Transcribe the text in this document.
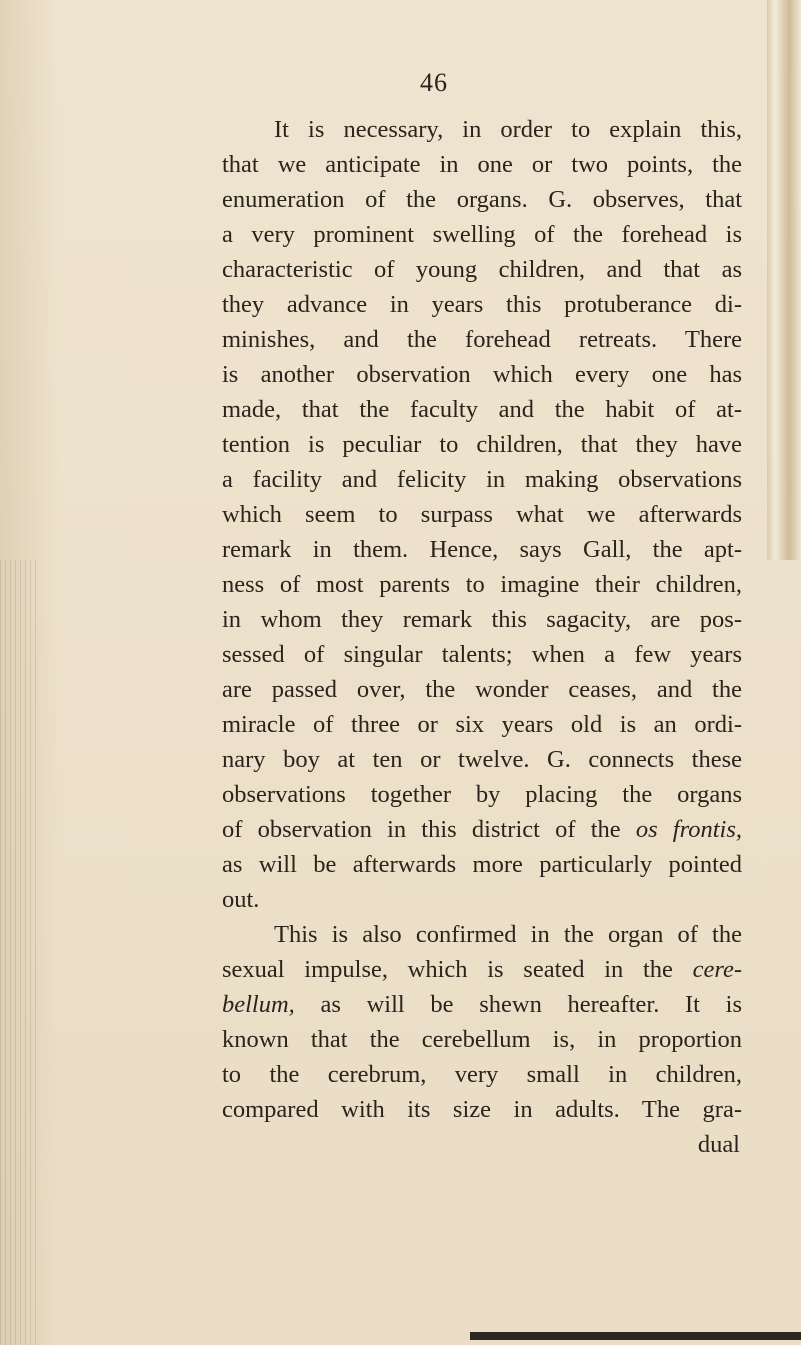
46
It is necessary, in order to explain this,
that we anticipate in one or two points, the
enumeration of the organs. G. observes, that
a very prominent swelling of the forehead is
characteristic of young children, and that as
they advance in years this protuberance di-
minishes, and the forehead retreats. There
is another observation which every one has
made, that the faculty and the habit of at-
tention is peculiar to children, that they have
a facility and felicity in making observations
which seem to surpass what we afterwards
remark in them. Hence, says Gall, the apt-
ness of most parents to imagine their children,
in whom they remark this sagacity, are pos-
sessed of singular talents; when a few years
are passed over, the wonder ceases, and the
miracle of three or six years old is an ordi-
nary boy at ten or twelve. G. connects these
observations together by placing the organs
of observation in this district of the os frontis,
as will be afterwards more particularly pointed
out.
This is also confirmed in the organ of the
sexual impulse, which is seated in the cere-
bellum, as will be shewn hereafter. It is
known that the cerebellum is, in proportion
to the cerebrum, very small in children,
compared with its size in adults. The gra-
dual
